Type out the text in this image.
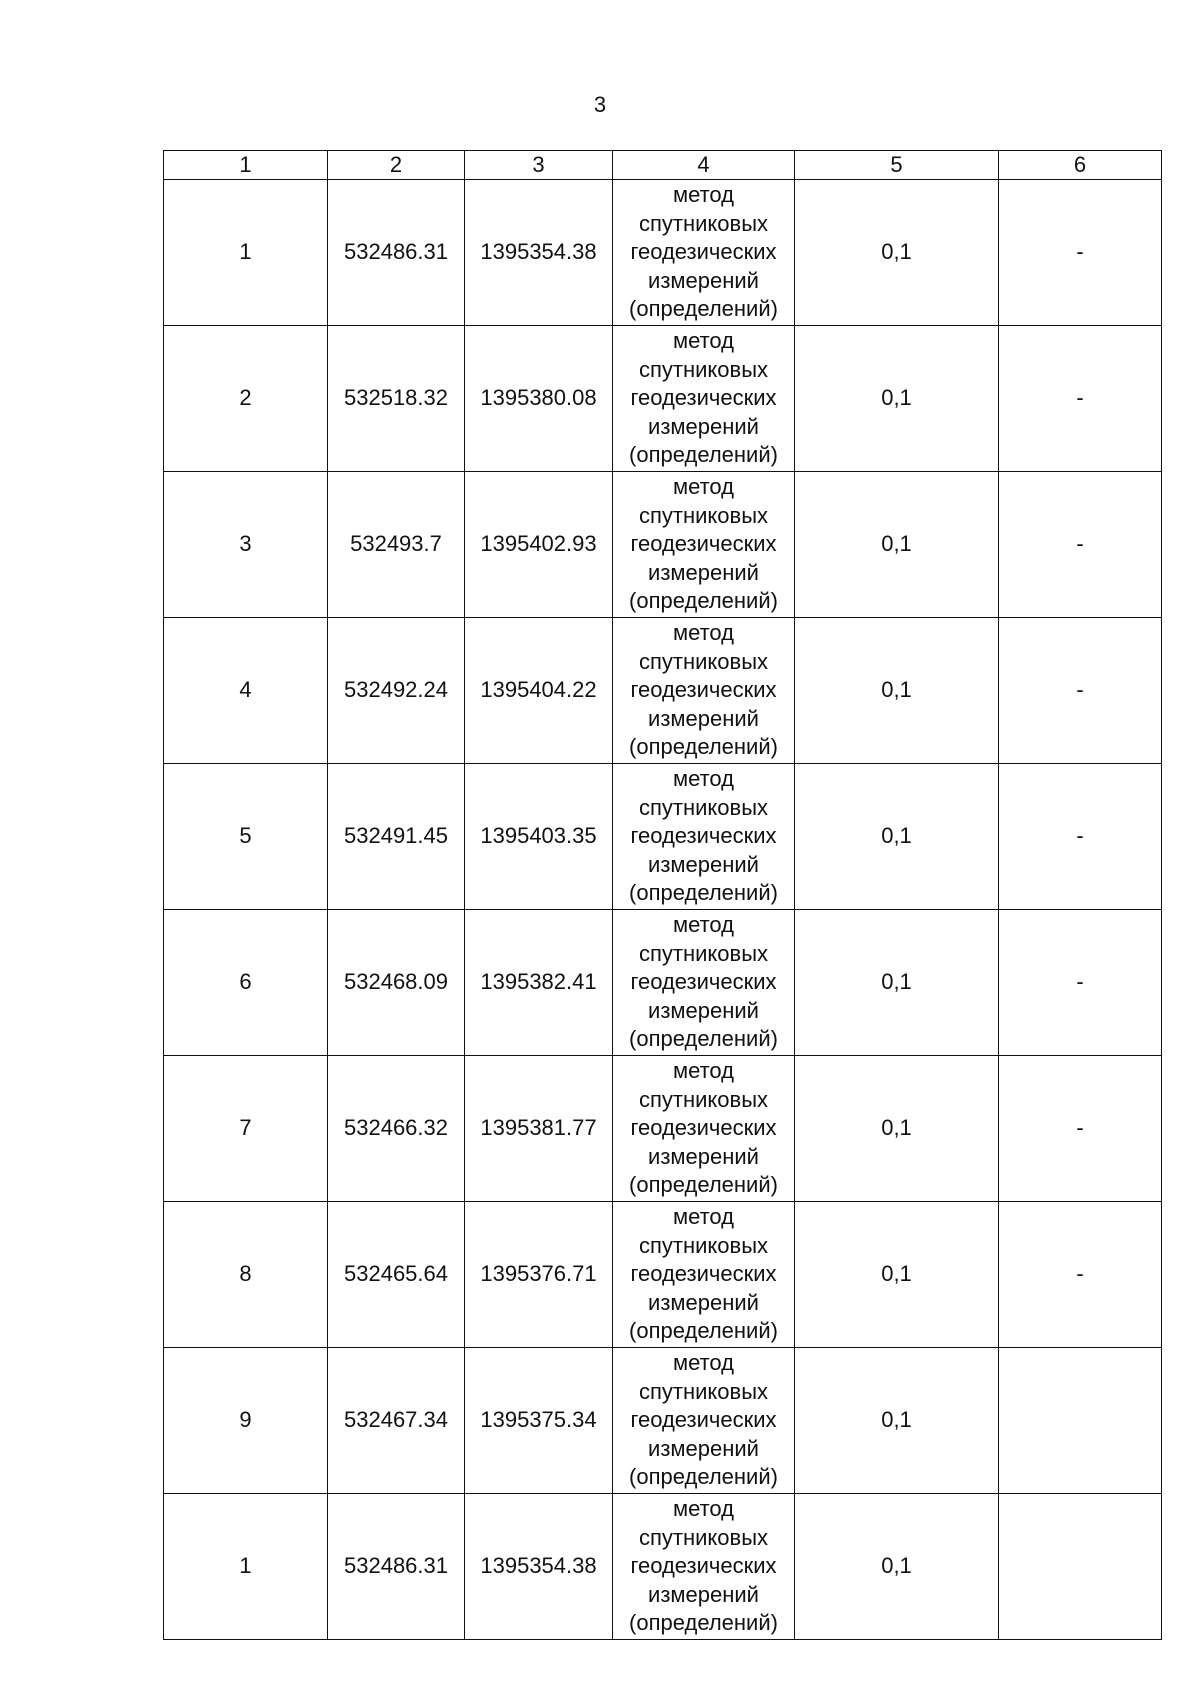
3
1	2	3	4	5	6
1	532486.31	1395354.38	метод спутниковых геодезических измерений (определений)	0,1	-
2	532518.32	1395380.08	метод спутниковых геодезических измерений (определений)	0,1	-
3	532493.7	1395402.93	метод спутниковых геодезических измерений (определений)	0,1	-
4	532492.24	1395404.22	метод спутниковых геодезических измерений (определений)	0,1	-
5	532491.45	1395403.35	метод спутниковых геодезических измерений (определений)	0,1	-
6	532468.09	1395382.41	метод спутниковых геодезических измерений (определений)	0,1	-
7	532466.32	1395381.77	метод спутниковых геодезических измерений (определений)	0,1	-
8	532465.64	1395376.71	метод спутниковых геодезических измерений (определений)	0,1	-
9	532467.34	1395375.34	метод спутниковых геодезических измерений (определений)	0,1	
1	532486.31	1395354.38	метод спутниковых геодезических измерений (определений)	0,1	
